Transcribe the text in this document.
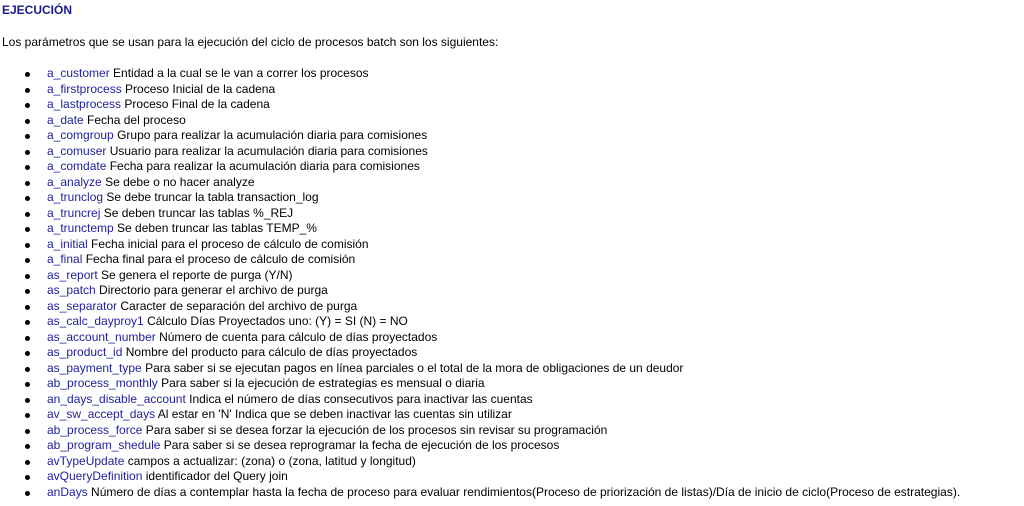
EJECUCIÓN

Los parámetros que se usan para la ejecución del ciclo de procesos batch son los siguientes:

a_customer Entidad a la cual se le van a correr los procesos
a_firstprocess Proceso Inicial de la cadena
a_lastprocess Proceso Final de la cadena
a_date Fecha del proceso
a_comgroup Grupo para realizar la acumulación diaria para comisiones
a_comuser Usuario para realizar la acumulación diaria para comisiones
a_comdate Fecha para realizar la acumulación diaria para comisiones
a_analyze Se debe o no hacer analyze
a_trunclog Se debe truncar la tabla transaction_log
a_truncrej Se deben truncar las tablas %_REJ
a_trunctemp Se deben truncar las tablas TEMP_%
a_initial Fecha inicial para el proceso de cálculo de comisión
a_final Fecha final para el proceso de cálculo de comisión
as_report Se genera el reporte de purga (Y/N)
as_patch Directorio para generar el archivo de purga
as_separator Caracter de separación del archivo de purga
as_calc_dayproy1 Cálculo Días Proyectados uno: (Y) = SI (N) = NO
as_account_number Número de cuenta para cálculo de días proyectados
as_product_id Nombre del producto para cálculo de días proyectados
as_payment_type Para saber si se ejecutan pagos en línea parciales o el total de la mora de obligaciones de un deudor
ab_process_monthly Para saber si la ejecución de estrategias es mensual o diaria
an_days_disable_account Indica el número de días consecutivos para inactivar las cuentas
av_sw_accept_days Al estar en 'N' Indica que se deben inactivar las cuentas sin utilizar
ab_process_force Para saber si se desea forzar la ejecución de los procesos sin revisar su programación
ab_program_shedule Para saber si se desea reprogramar la fecha de ejecución de los procesos
avTypeUpdate campos a actualizar: (zona) o (zona, latitud y longitud)
avQueryDefinition identificador del Query join
anDays Número de días a contemplar hasta la fecha de proceso para evaluar rendimientos(Proceso de priorización de listas)/Día de inicio de ciclo(Proceso de estrategias).
